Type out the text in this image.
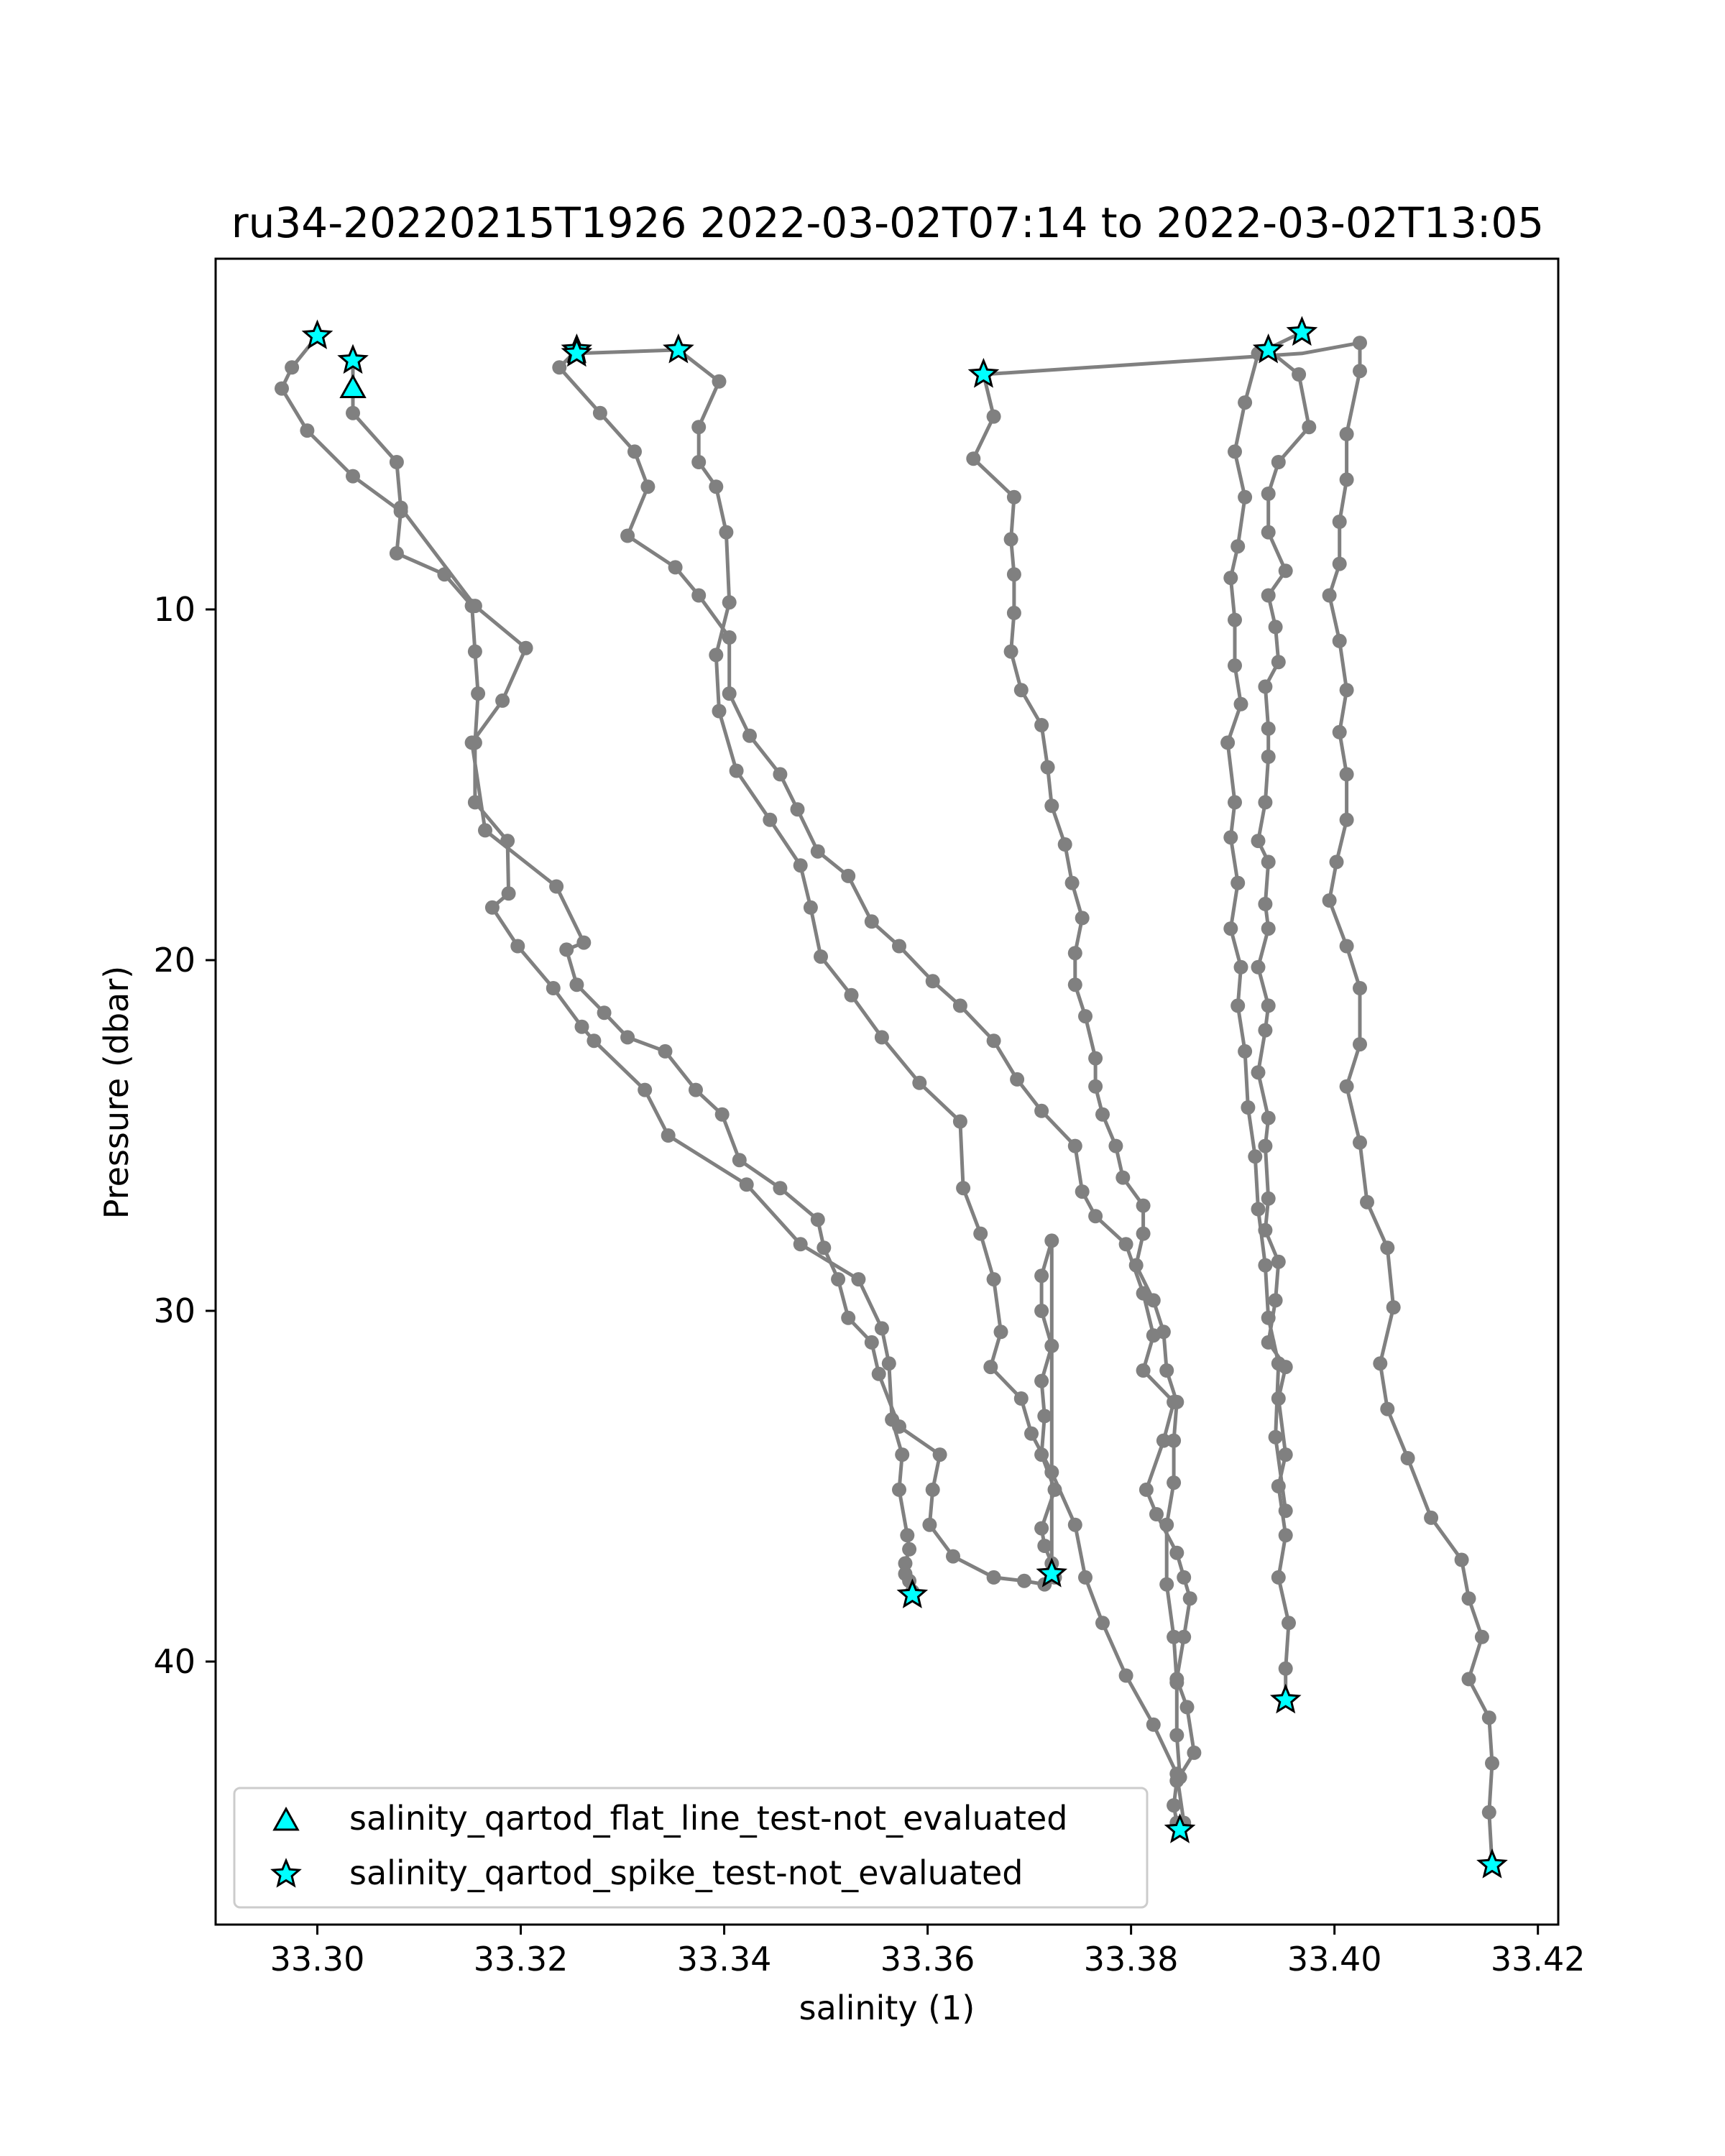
ru34-20220215T1926 2022-03-02T07:14 to 2022-03-02T13:05
33.30	33.32	33.34	33.36	33.38	33.40	33.42
10
20
30
40
salinity (1)
Pressure (dbar)
salinity_qartod_flat_line_test-not_evaluated
salinity_qartod_spike_test-not_evaluated
